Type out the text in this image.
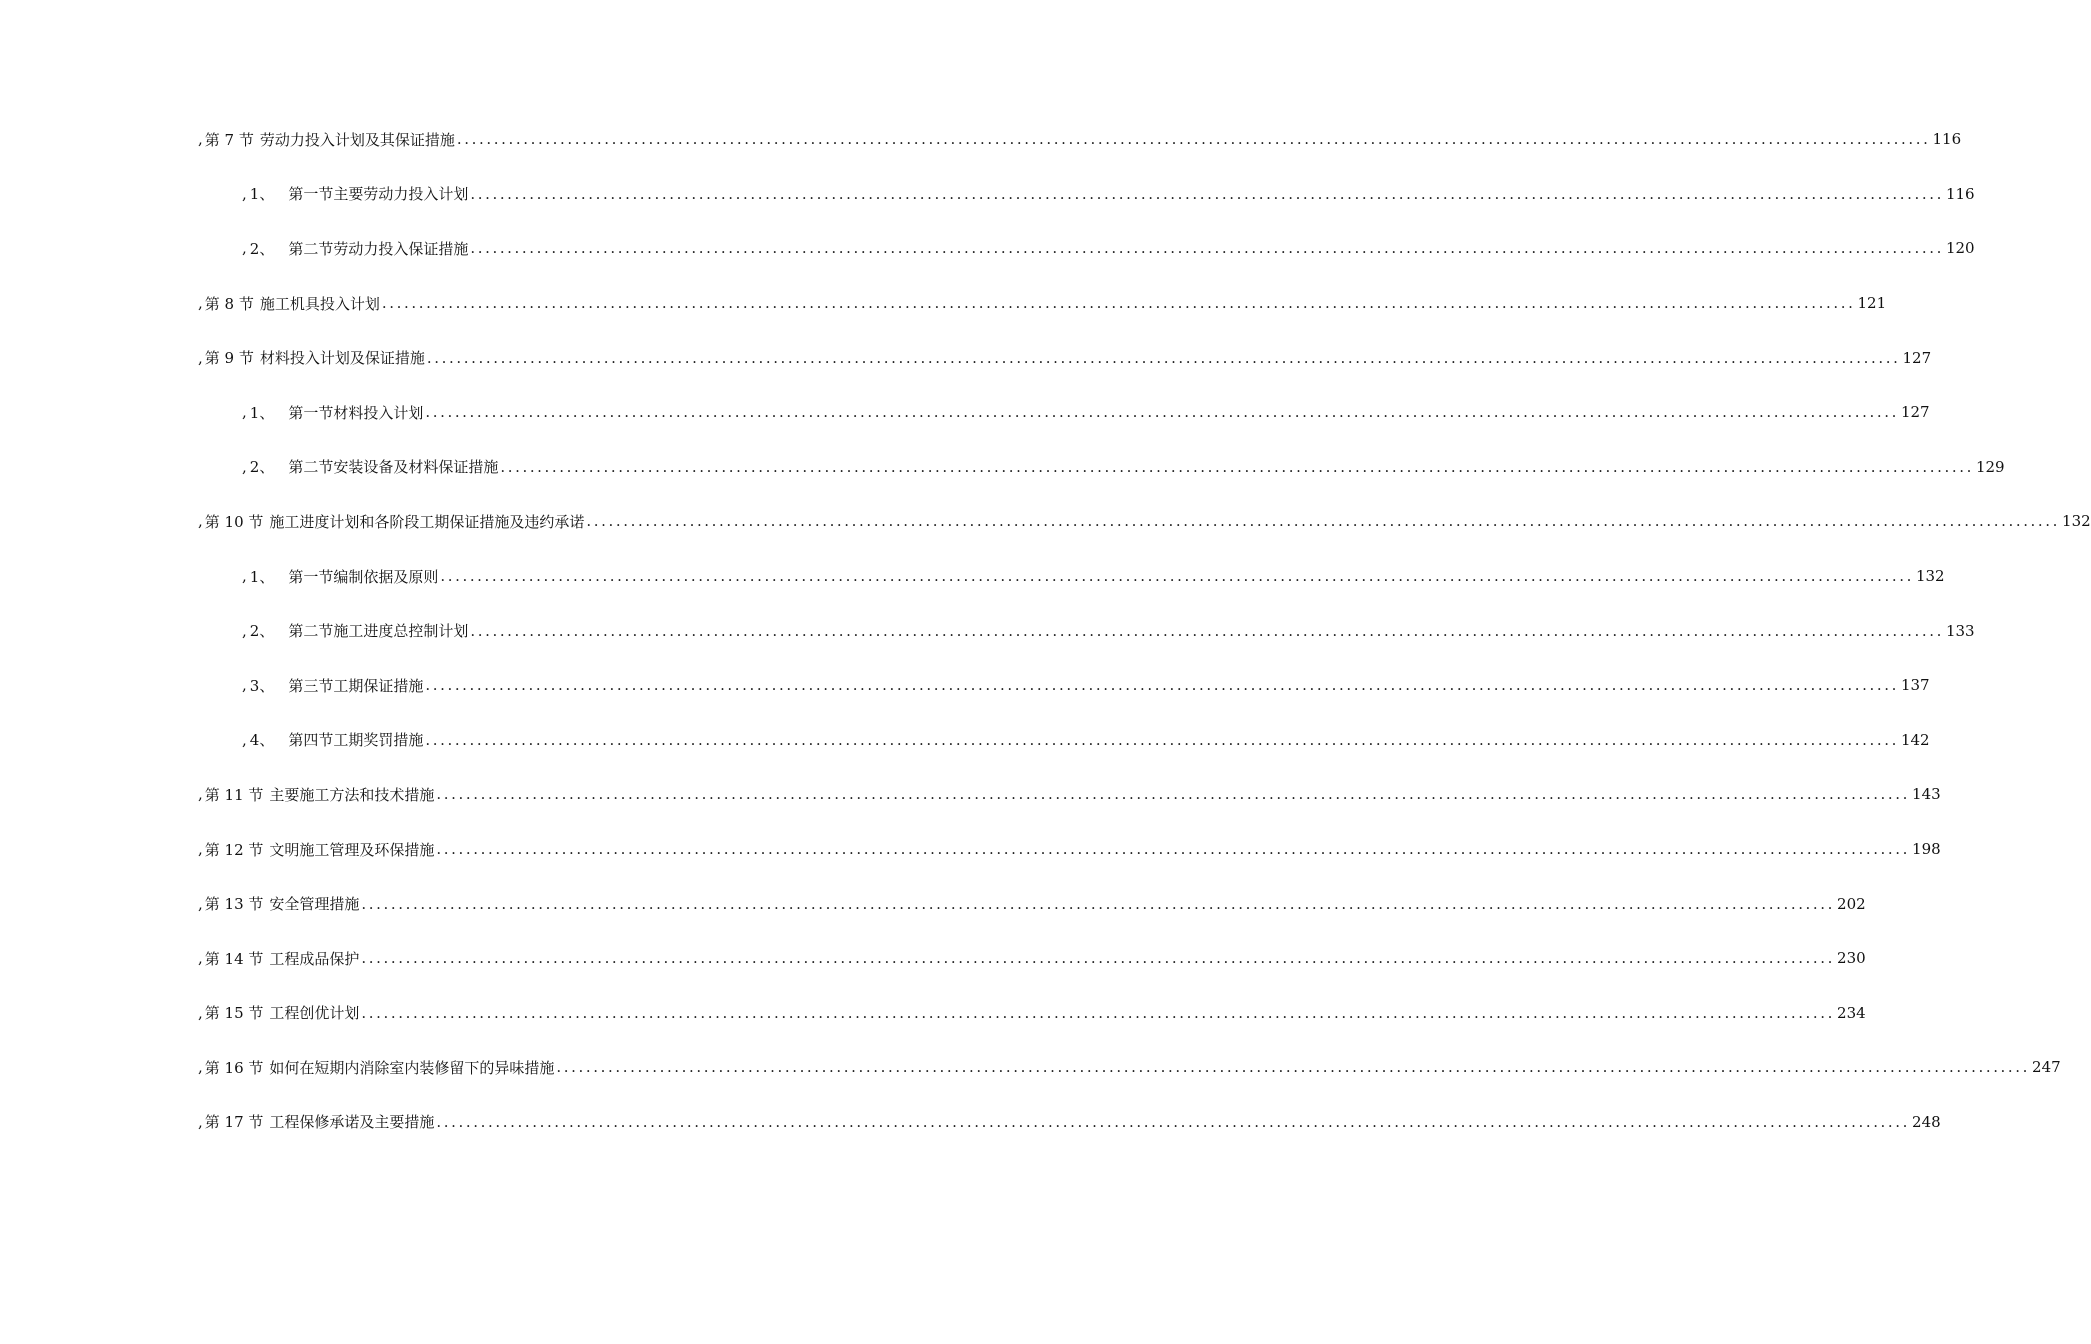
, 第 7 节 劳动力投入计划及其保证措施 ........................................................................................................................................................................................................ 116
, 1、 第一节主要劳动力投入计划 ........................................................................................................................................................................................................ 116
, 2、 第二节劳动力投入保证措施 ........................................................................................................................................................................................................ 120
, 第 8 节 施工机具投入计划 ........................................................................................................................................................................................................ 121
, 第 9 节 材料投入计划及保证措施 ........................................................................................................................................................................................................ 127
, 1、 第一节材料投入计划 ........................................................................................................................................................................................................ 127
, 2、 第二节安装设备及材料保证措施 ........................................................................................................................................................................................................ 129
, 第 10 节 施工进度计划和各阶段工期保证措施及违约承诺 ........................................................................................................................................................................................................ 132
, 1、 第一节编制依据及原则 ........................................................................................................................................................................................................ 132
, 2、 第二节施工进度总控制计划 ........................................................................................................................................................................................................ 133
, 3、 第三节工期保证措施 ........................................................................................................................................................................................................ 137
, 4、 第四节工期奖罚措施 ........................................................................................................................................................................................................ 142
, 第 11 节 主要施工方法和技术措施 ........................................................................................................................................................................................................ 143
, 第 12 节 文明施工管理及环保措施 ........................................................................................................................................................................................................ 198
, 第 13 节 安全管理措施 ........................................................................................................................................................................................................ 202
, 第 14 节 工程成品保护 ........................................................................................................................................................................................................ 230
, 第 15 节 工程创优计划 ........................................................................................................................................................................................................ 234
, 第 16 节 如何在短期内消除室内装修留下的异味措施 ........................................................................................................................................................................................................ 247
, 第 17 节 工程保修承诺及主要措施 ........................................................................................................................................................................................................ 248
